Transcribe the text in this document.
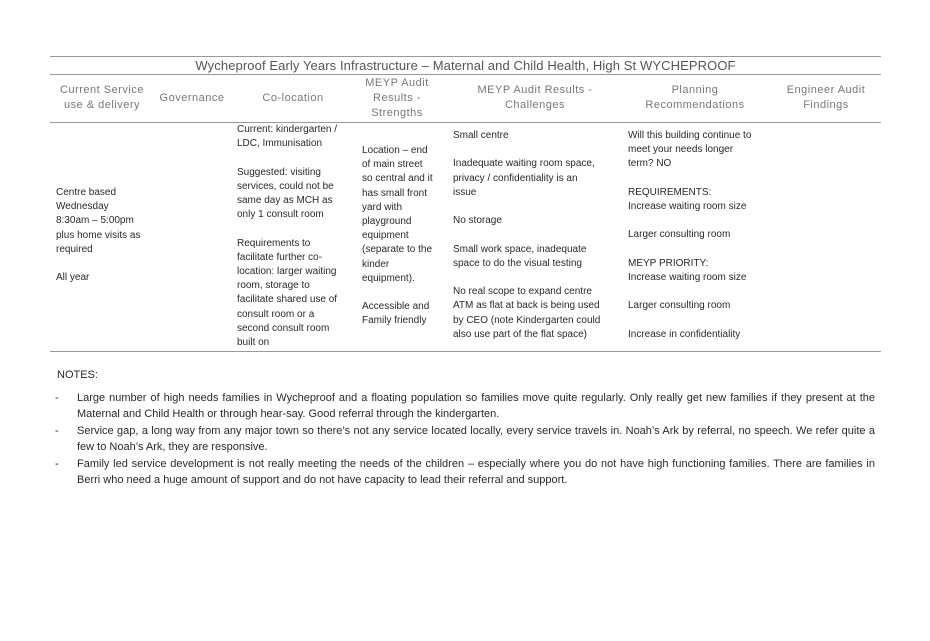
Wycheproof Early Years Infrastructure – Maternal and Child Health, High St WYCHEPROOF
Current Service use & delivery
Governance	Co-location
MEYP Audit Results - Strengths
MEYP Audit Results - Challenges
Planning Recommendations
Engineer Audit Findings

Centre based

Wednesday

8:30am – 5:00pm

plus home visits as

required

All year

Current: kindergarten /

LDC, Immunisation

Suggested: visiting

services, could not be

same day as MCH as

only 1 consult room

Requirements to

facilitate further co-

location: larger waiting

room, storage to

facilitate shared use of

consult room or a

second consult room

built on

Location – end

of main street

so central and it

has small front

yard with

playground

equipment

(separate to the

kinder

equipment).

Accessible and

Family friendly

Small centre

Inadequate waiting room space,

privacy / confidentiality is an

issue

No storage

Small work space, inadequate

space to do the visual testing

No real scope to expand centre

ATM as flat at back is being used

by CEO (note Kindergarten could

also use part of the flat space)

Will this building continue to

meet your needs longer

term? NO

REQUIREMENTS:

Increase waiting room size

Larger consulting room

MEYP PRIORITY:

Increase waiting room size

Larger consulting room

Increase in confidentiality

NOTES:
- Large number of high needs families in Wycheproof and a floating population so families move quite regularly. Only really get new families if they present at the Maternal and Child Health or through hear-say. Good referral through the kindergarten.
- Service gap, a long way from any major town so there’s not any service located locally, every service travels in. Noah’s Ark by referral, no speech. We refer quite a few to Noah’s Ark, they are responsive.
- Family led service development is not really meeting the needs of the children – especially where you do not have high functioning families. There are families in Berri who need a huge amount of support and do not have capacity to lead their referral and support.
